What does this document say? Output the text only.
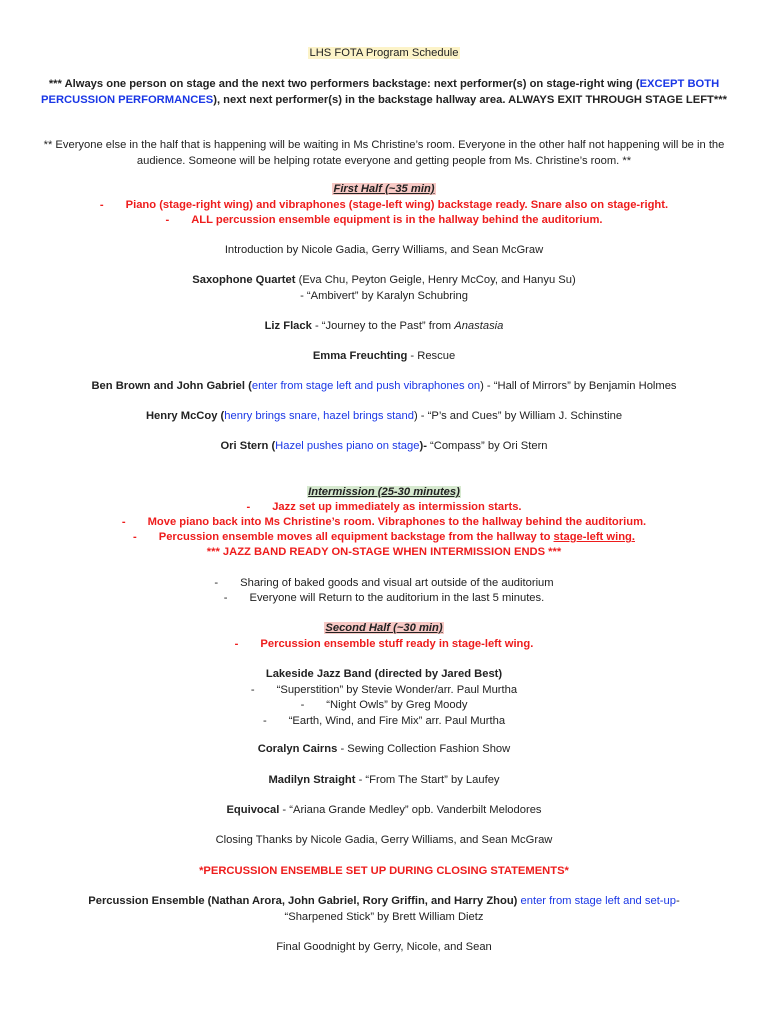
LHS FOTA Program Schedule
*** Always one person on stage and the next two performers backstage: next performer(s) on stage-right wing (EXCEPT BOTH PERCUSSION PERFORMANCES), next next performer(s) in the backstage hallway area. ALWAYS EXIT THROUGH STAGE LEFT***
** Everyone else in the half that is happening will be waiting in Ms Christine’s room. Everyone in the other half not happening will be in the audience. Someone will be helping rotate everyone and getting people from Ms. Christine’s room. **
First Half (~35 min)
- Piano (stage-right wing) and vibraphones (stage-left wing) backstage ready. Snare also on stage-right.
- ALL percussion ensemble equipment is in the hallway behind the auditorium.
Introduction by Nicole Gadia, Gerry Williams, and Sean McGraw
Saxophone Quartet (Eva Chu, Peyton Geigle, Henry McCoy, and Hanyu Su)
- “Ambivert” by Karalyn Schubring
Liz Flack - “Journey to the Past” from Anastasia
Emma Freuchting - Rescue
Ben Brown and John Gabriel (enter from stage left and push vibraphones on) - “Hall of Mirrors” by Benjamin Holmes
Henry McCoy (henry brings snare, hazel brings stand) - “P’s and Cues” by William J. Schinstine
Ori Stern (Hazel pushes piano on stage)- “Compass” by Ori Stern
Intermission (25-30 minutes)
- Jazz set up immediately as intermission starts.
- Move piano back into Ms Christine’s room. Vibraphones to the hallway behind the auditorium.
- Percussion ensemble moves all equipment backstage from the hallway to stage-left wing.
*** JAZZ BAND READY ON-STAGE WHEN INTERMISSION ENDS ***
- Sharing of baked goods and visual art outside of the auditorium
- Everyone will Return to the auditorium in the last 5 minutes.
Second Half (~30 min)
- Percussion ensemble stuff ready in stage-left wing.
Lakeside Jazz Band (directed by Jared Best)
- “Superstition” by Stevie Wonder/arr. Paul Murtha
- “Night Owls” by Greg Moody
- “Earth, Wind, and Fire Mix” arr. Paul Murtha
Coralyn Cairns - Sewing Collection Fashion Show
Madilyn Straight - “From The Start” by Laufey
Equivocal - “Ariana Grande Medley” opb. Vanderbilt Melodores
Closing Thanks by Nicole Gadia, Gerry Williams, and Sean McGraw
*PERCUSSION ENSEMBLE SET UP DURING CLOSING STATEMENTS*
Percussion Ensemble (Nathan Arora, John Gabriel, Rory Griffin, and Harry Zhou) enter from stage left and set-up-
“Sharpened Stick” by Brett William Dietz
Final Goodnight by Gerry, Nicole, and Sean
